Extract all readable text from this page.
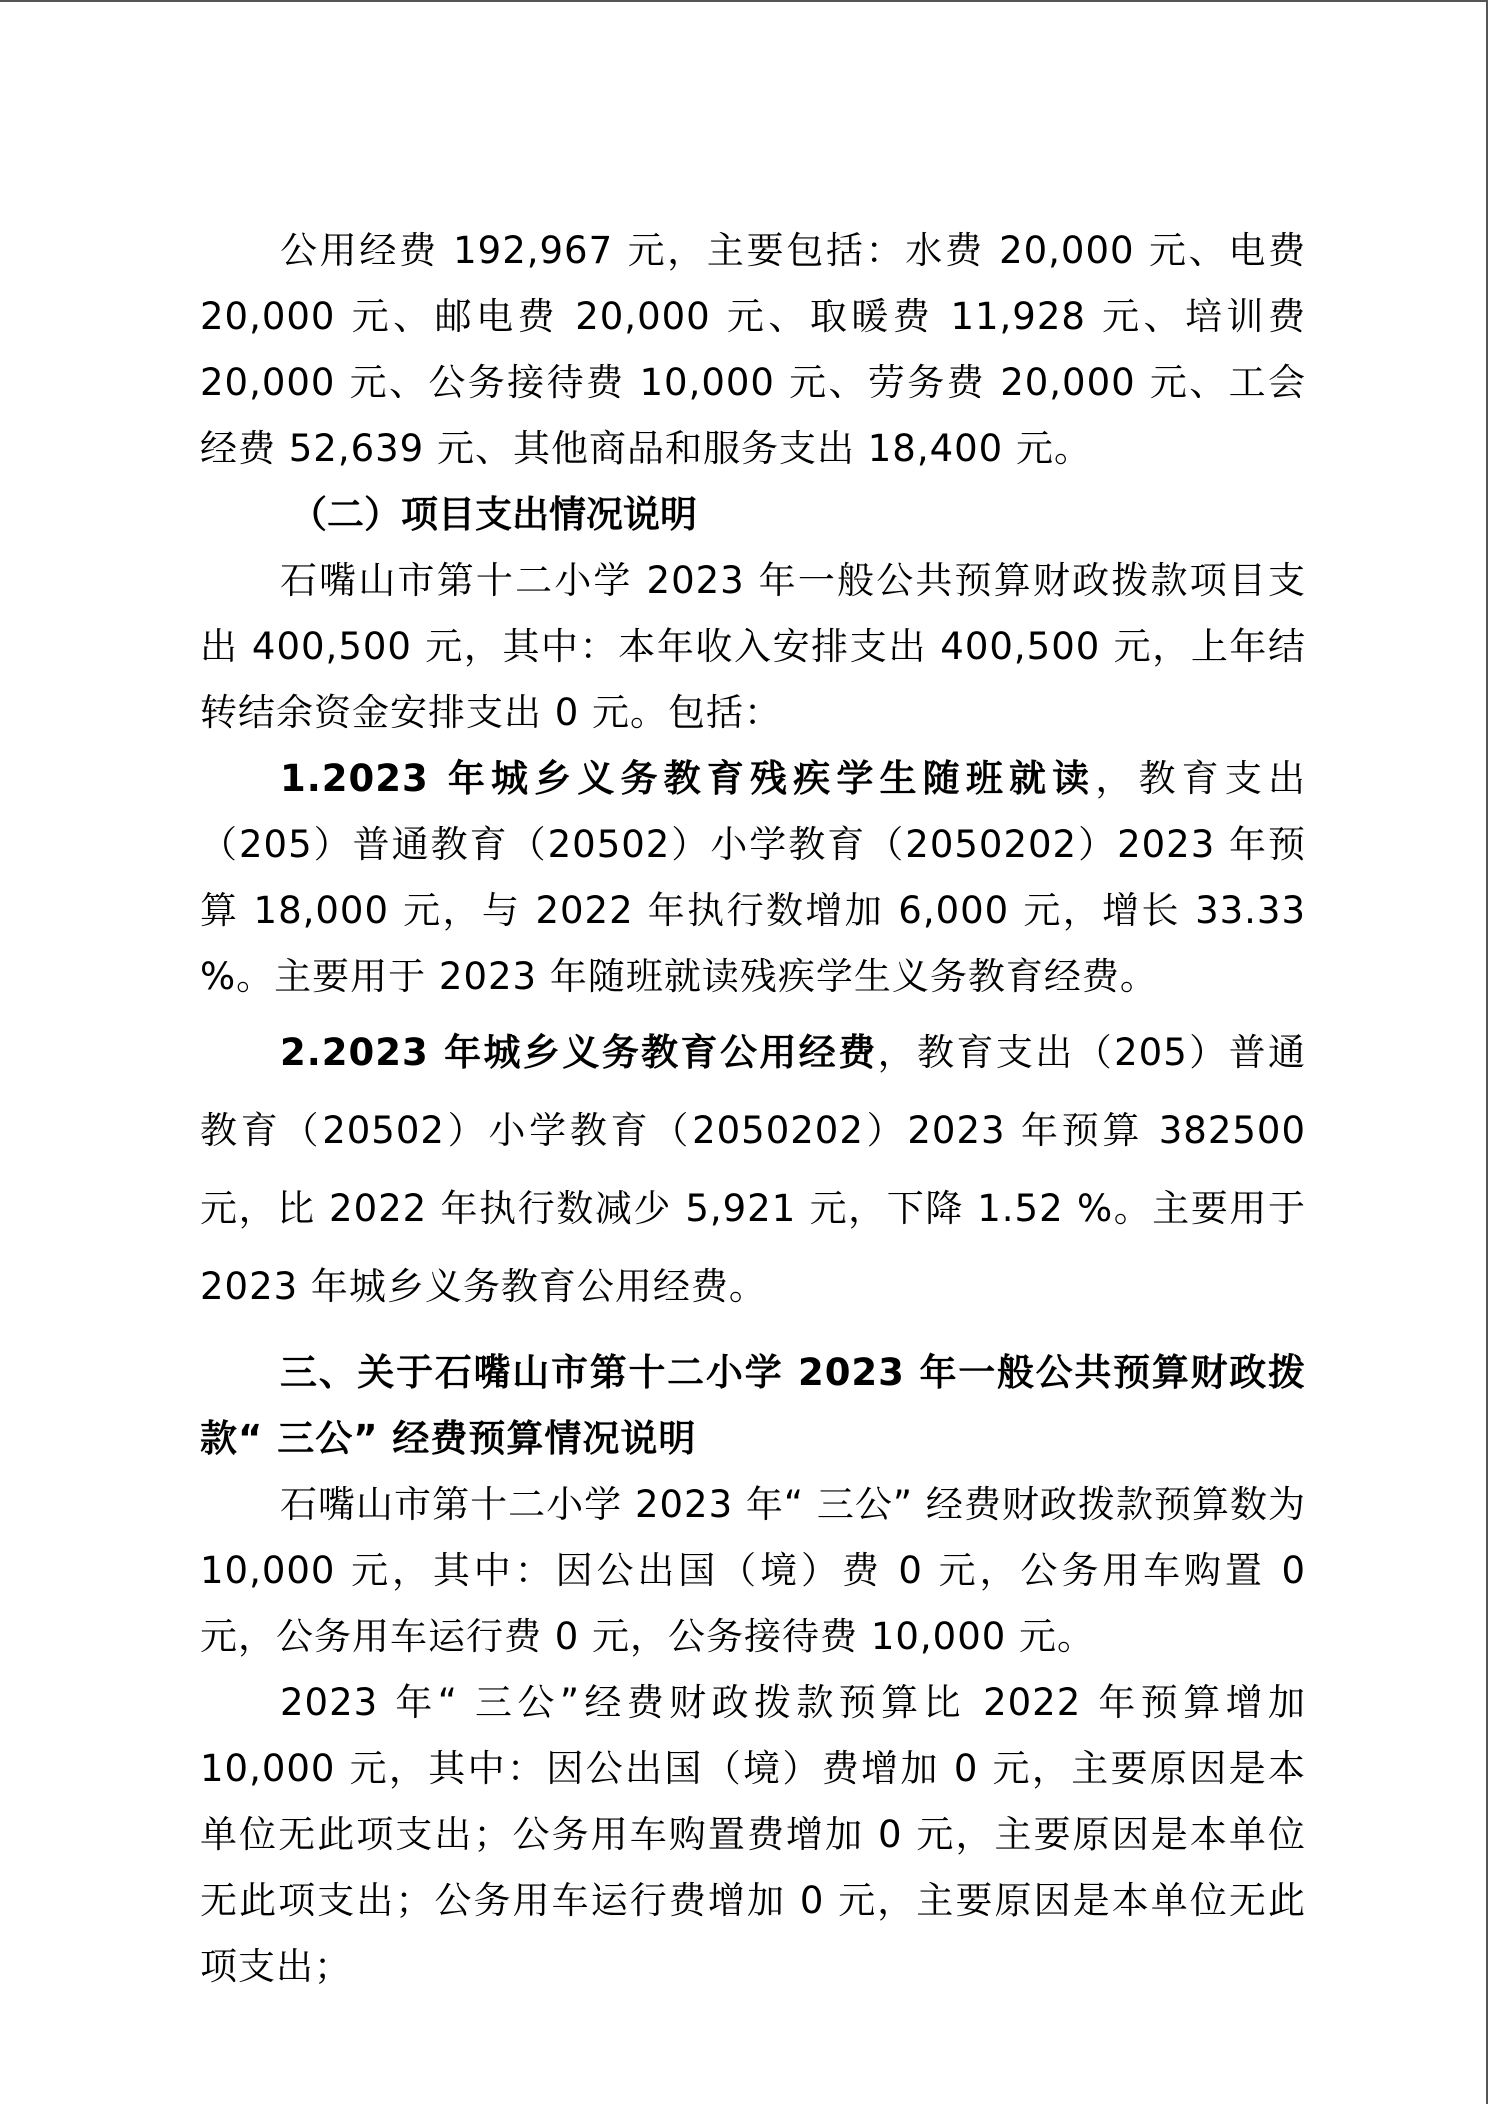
公用经费 192,967 元，主要包括：水费 20,000 元、电费 20,000 元、邮电费 20,000 元、取暖费 11,928 元、培训费 20,000 元、公务接待费 10,000 元、劳务费 20,000 元、工会经费 52,639 元、其他商品和服务支出 18,400 元。

（二）项目支出情况说明

石嘴山市第十二小学 2023 年一般公共预算财政拨款项目支出 400,500 元，其中：本年收入安排支出 400,500 元，上年结转结余资金安排支出 0 元。包括：

1.2023 年城乡义务教育残疾学生随班就读，教育支出（205）普通教育（20502）小学教育（2050202）2023 年预算 18,000 元，与 2022 年执行数增加 6,000 元，增长 33.33 %。主要用于 2023 年随班就读残疾学生义务教育经费。

2.2023 年城乡义务教育公用经费，教育支出（205）普通教育（20502）小学教育（2050202）2023 年预算 382500 元，比 2022 年执行数减少 5,921 元，下降 1.52 %。主要用于 2023 年城乡义务教育公用经费。

三、关于石嘴山市第十二小学 2023 年一般公共预算财政拨款“ 三公” 经费预算情况说明

石嘴山市第十二小学 2023 年“ 三公” 经费财政拨款预算数为 10,000 元，其中：因公出国（境）费 0 元，公务用车购置 0 元，公务用车运行费 0 元，公务接待费 10,000 元。

2023 年“ 三公”经费财政拨款预算比 2022 年预算增加 10,000 元，其中：因公出国（境）费增加 0 元，主要原因是本单位无此项支出；公务用车购置费增加 0 元，主要原因是本单位无此项支出；公务用车运行费增加 0 元，主要原因是本单位无此项支出；
